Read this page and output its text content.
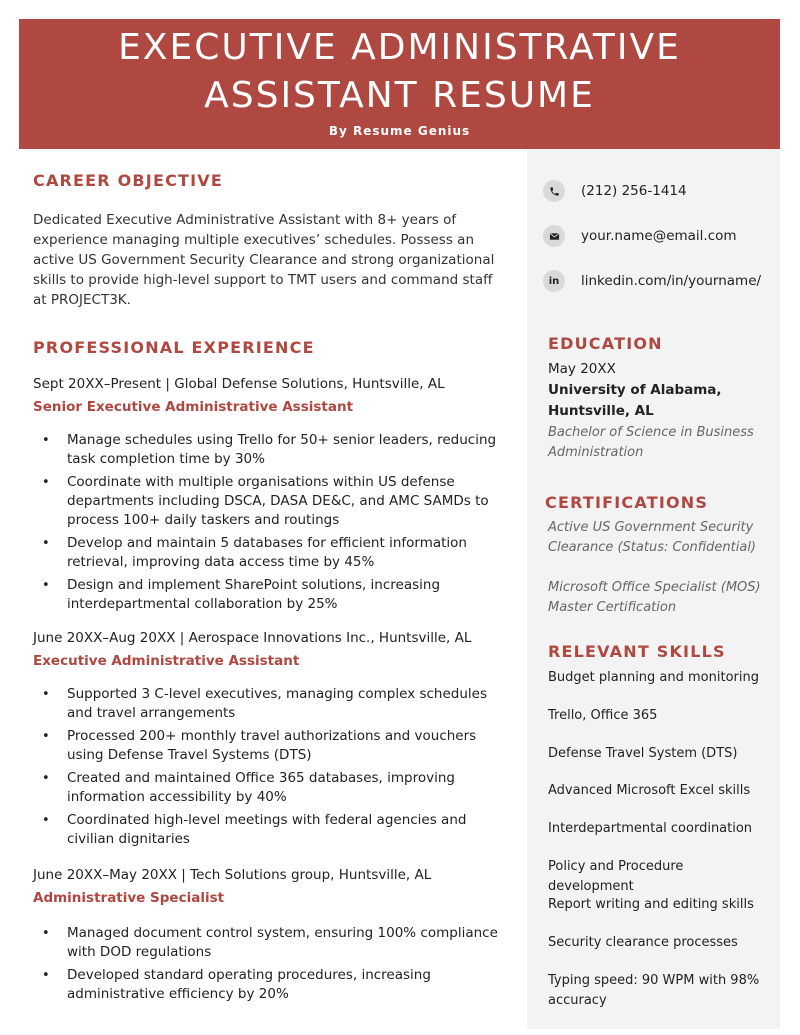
EXECUTIVE ADMINISTRATIVE
ASSISTANT RESUME
By Resume Genius
CAREER OBJECTIVE
Dedicated Executive Administrative Assistant with 8+ years of experience managing multiple executives’ schedules. Possess an active US Government Security Clearance and strong organizational skills to provide high-level support to TMT users and command staff at PROJECT3K.
PROFESSIONAL EXPERIENCE
Sept 20XX–Present | Global Defense Solutions, Huntsville, AL
Senior Executive Administrative Assistant
• Manage schedules using Trello for 50+ senior leaders, reducing task completion time by 30%
• Coordinate with multiple organisations within US defense departments including DSCA, DASA DE&C, and AMC SAMDs to process 100+ daily taskers and routings
• Develop and maintain 5 databases for efficient information retrieval, improving data access time by 45%
• Design and implement SharePoint solutions, increasing interdepartmental collaboration by 25%
June 20XX–Aug 20XX | Aerospace Innovations Inc., Huntsville, AL
Executive Administrative Assistant
• Supported 3 C-level executives, managing complex schedules and travel arrangements
• Processed 200+ monthly travel authorizations and vouchers using Defense Travel Systems (DTS)
• Created and maintained Office 365 databases, improving information accessibility by 40%
• Coordinated high-level meetings with federal agencies and civilian dignitaries
June 20XX–May 20XX | Tech Solutions group, Huntsville, AL
Administrative Specialist
• Managed document control system, ensuring 100% compliance with DOD regulations
• Developed standard operating procedures, increasing administrative efficiency by 20%
(212) 256-1414
your.name@email.com
in	linkedin.com/in/yourname/
EDUCATION
May 20XX
University of Alabama,
Huntsville, AL
Bachelor of Science in Business Administration
CERTIFICATIONS
Active US Government Security Clearance (Status: Confidential)
Microsoft Office Specialist (MOS) Master Certification
RELEVANT SKILLS
Budget planning and monitoring
Trello, Office 365
Defense Travel System (DTS)
Advanced Microsoft Excel skills
Interdepartmental coordination
Policy and Procedure development
Report writing and editing skills
Security clearance processes
Typing speed: 90 WPM with 98% accuracy
